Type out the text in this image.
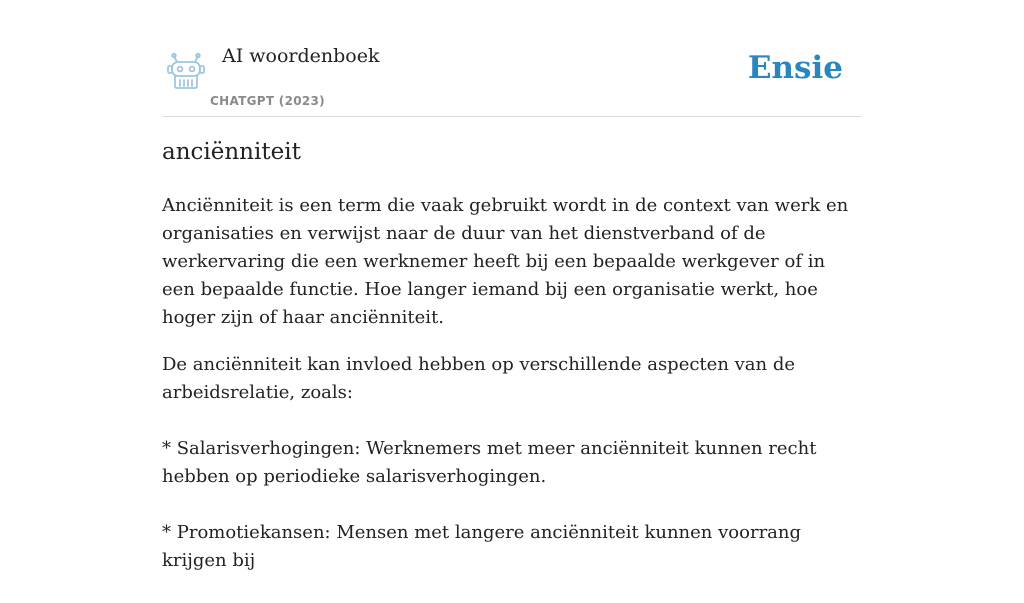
AI woordenboek
CHATGPT (2023)
Ensie
anciënniteit

Anciënniteit is een term die vaak gebruikt wordt in de context van werk en organisaties en verwijst naar de duur van het dienstverband of de werkervaring die een werknemer heeft bij een bepaalde werkgever of in een bepaalde functie. Hoe langer iemand bij een organisatie werkt, hoe hoger zijn of haar anciënniteit.

De anciënniteit kan invloed hebben op verschillende aspecten van de arbeidsrelatie, zoals:

* Salarisverhogingen: Werknemers met meer anciënniteit kunnen recht hebben op periodieke salarisverhogingen.

* Promotiekansen: Mensen met langere anciënniteit kunnen voorrang krijgen bij
